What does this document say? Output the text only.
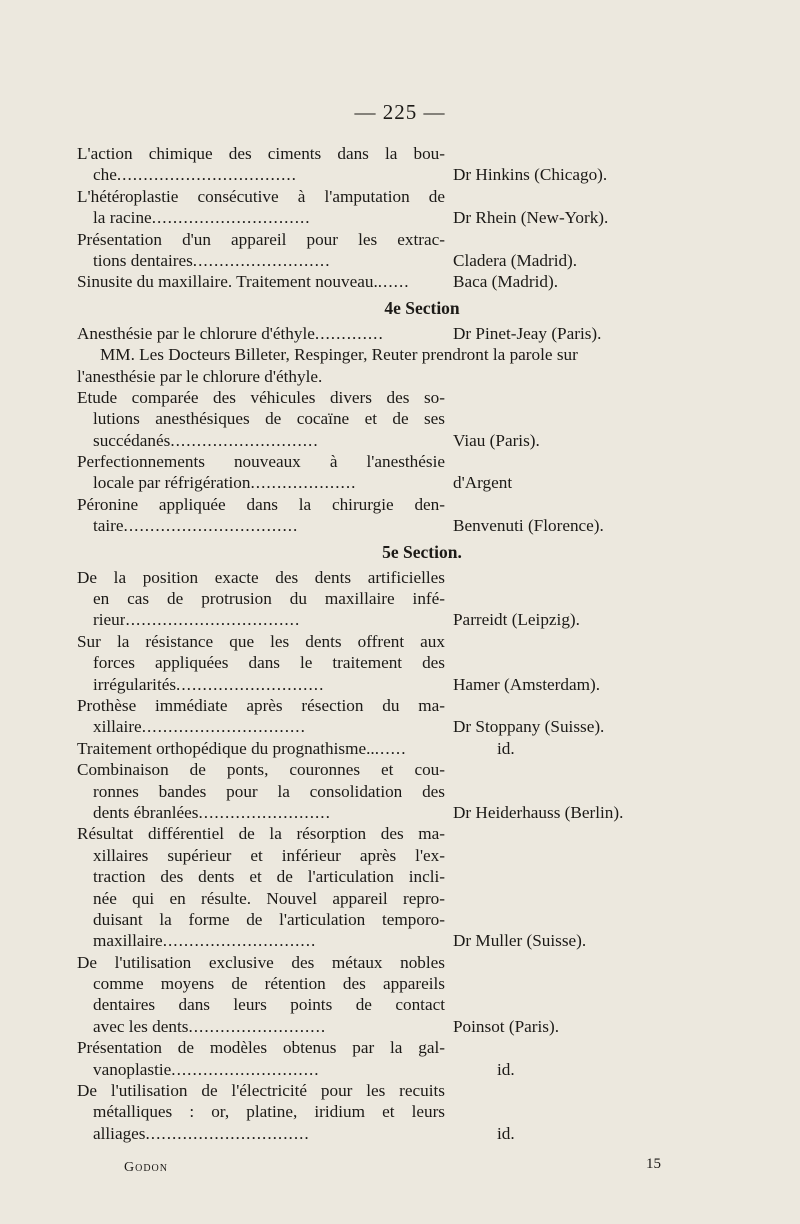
— 225 —
L'action chimique des ciments dans la bou-
che..................................	Dr Hinkins (Chicago).
L'hétéroplastie consécutive à l'amputation de
la racine..............................	Dr Rhein (New-York).
Présentation d'un appareil pour les extrac-
tions dentaires..........................	Cladera (Madrid).
Sinusite du maxillaire. Traitement nouveau.......	Baca (Madrid).
4e Section
Anesthésie par le chlorure d'éthyle.............	Dr Pinet-Jeay (Paris).
MM. Les Docteurs Billeter, Respinger, Reuter prendront la parole sur
l'anesthésie par le chlorure d'éthyle.
Etude comparée des véhicules divers des so-
lutions anesthésiques de cocaïne et de ses
succédanés............................	Viau (Paris).
Perfectionnements nouveaux à l'anesthésie
locale par réfrigération....................	d'Argent
Péronine appliquée dans la chirurgie den-
taire.................................	Benvenuti (Florence).
5e Section.
De la position exacte des dents artificielles
en cas de protrusion du maxillaire infé-
rieur.................................	Parreidt (Leipzig).
Sur la résistance que les dents offrent aux
forces appliquées dans le traitement des
irrégularités............................	Hamer (Amsterdam).
Prothèse immédiate après résection du ma-
xillaire...............................	Dr Stoppany (Suisse).
Traitement orthopédique du prognathisme........	id.
Combinaison de ponts, couronnes et cou-
ronnes bandes pour la consolidation des
dents ébranlées.........................	Dr Heiderhauss (Berlin).
Résultat différentiel de la résorption des ma-
xillaires supérieur et inférieur après l'ex-
traction des dents et de l'articulation incli-
née qui en résulte. Nouvel appareil repro-
duisant la forme de l'articulation temporo-
maxillaire.............................	Dr Muller (Suisse).
De l'utilisation exclusive des métaux nobles
comme moyens de rétention des appareils
dentaires dans leurs points de contact
avec les dents..........................	Poinsot (Paris).
Présentation de modèles obtenus par la gal-
vanoplastie............................	id.
De l'utilisation de l'électricité pour les recuits
métalliques : or, platine, iridium et leurs
alliages...............................	id.
Godon	15
